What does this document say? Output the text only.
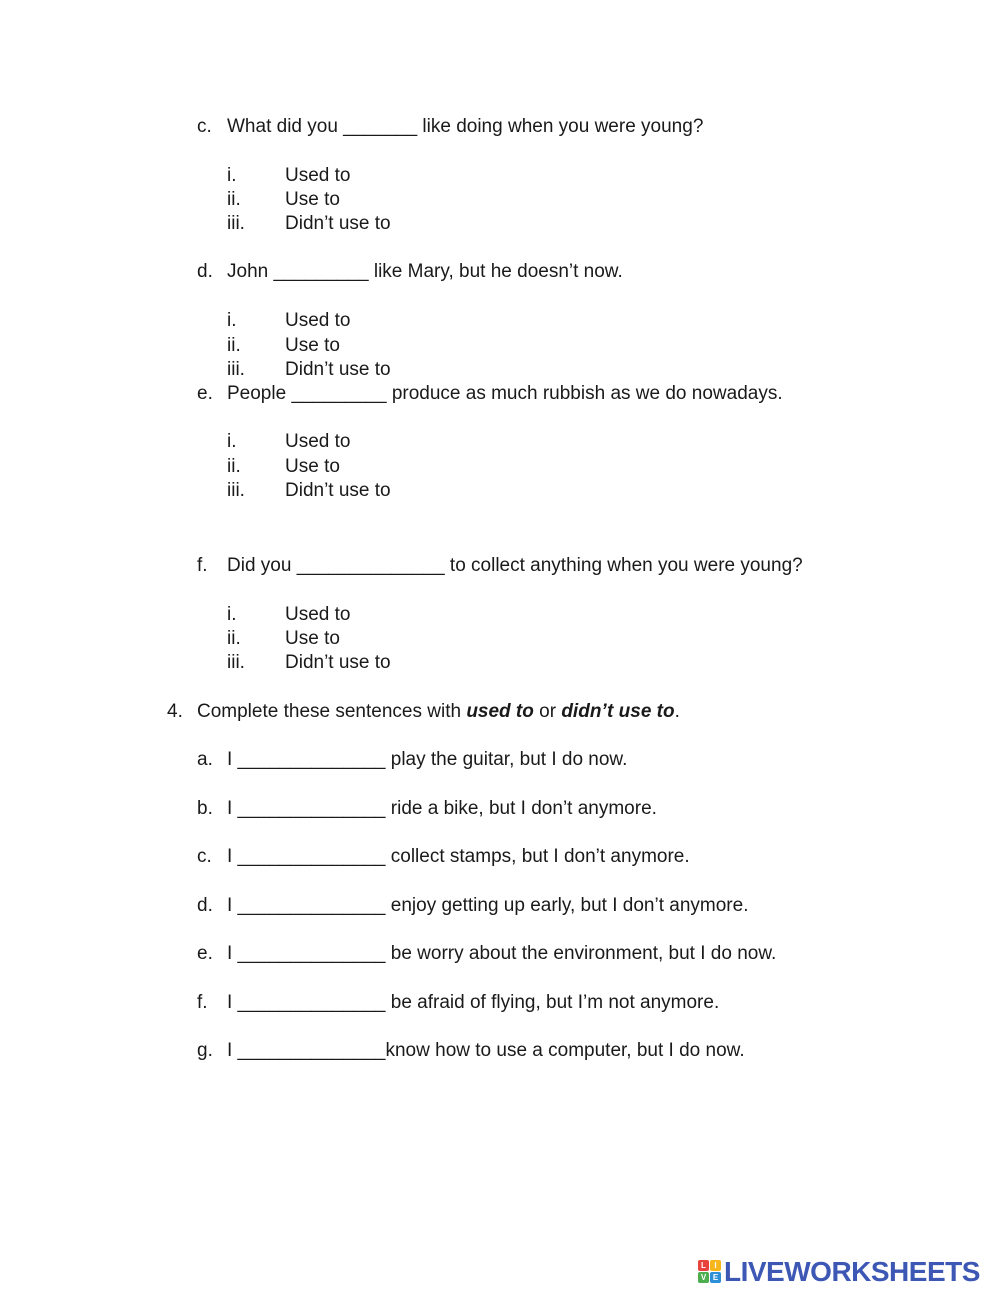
c. What did you _______ like doing when you were young?
i.	Used to
ii. Use to
iii. Didn’t use to
d. John _________ like Mary, but he doesn’t now.
i.	Used to
ii. Use to
iii. Didn’t use to
e. People _________ produce as much rubbish as we do nowadays.
i.	Used to
ii. Use to
iii. Didn’t use to
f. Did you ______________ to collect anything when you were young?
i.	Used to
ii. Use to
iii. Didn’t use to
4. Complete these sentences with used to or didn’t use to.
a. I ______________ play the guitar, but I do now.
b. I ______________ ride a bike, but I don’t anymore.
c. I ______________ collect stamps, but I don’t anymore.
d. I ______________ enjoy getting up early, but I don’t anymore.
e. I ______________ be worry about the environment, but I do now.
f. I ______________ be afraid of flying, but I’m not anymore.
g. I ______________know how to use a computer, but I do now.
L	I
V E LIVEWORKSHEETS
